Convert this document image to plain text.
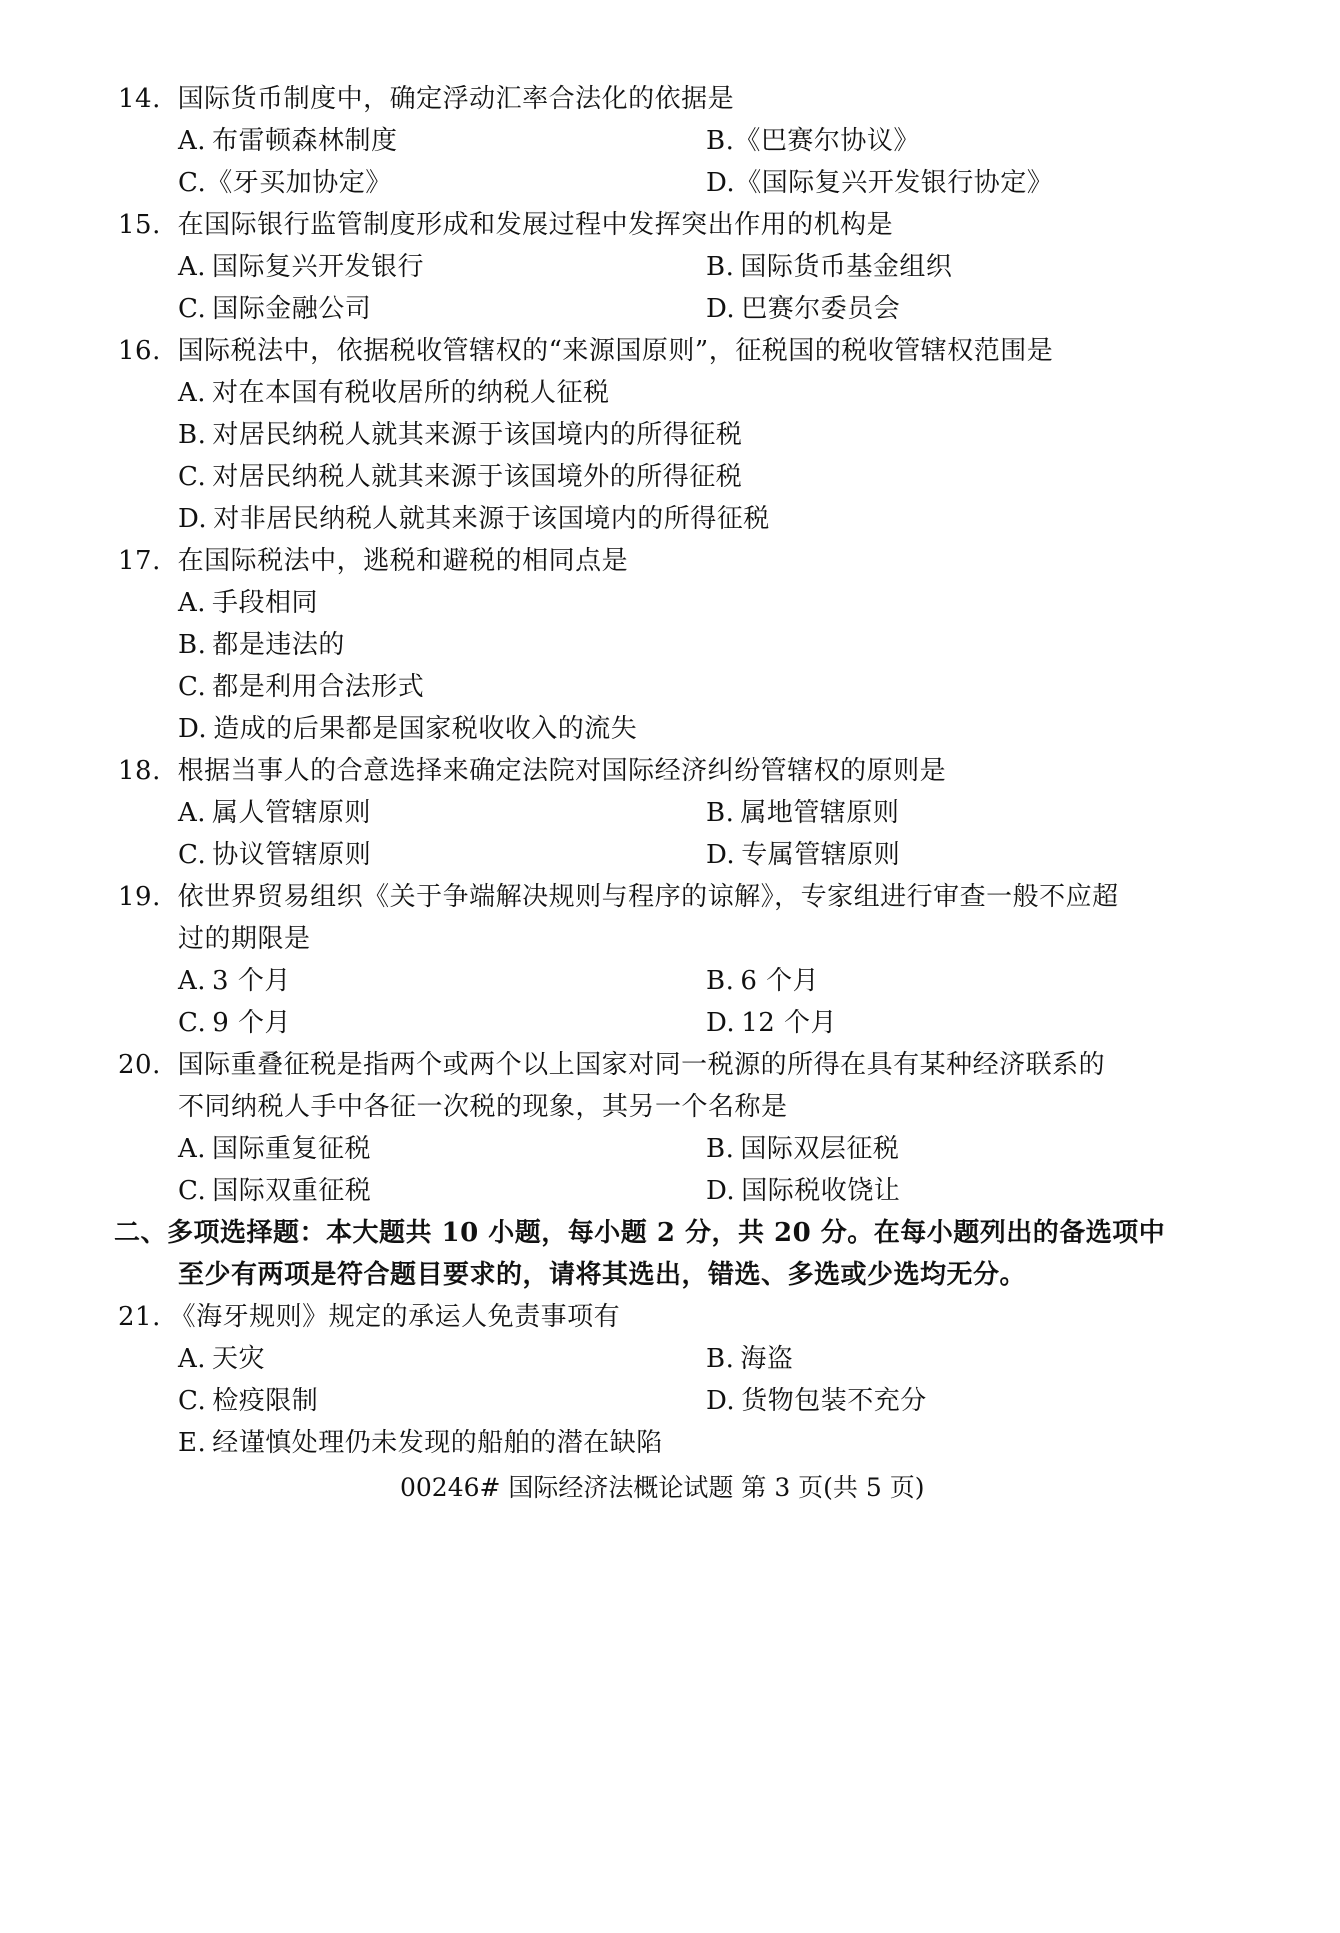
14. 国际货币制度中，确定浮动汇率合法化的依据是
A. 布雷顿森林制度	B.《巴赛尔协议》
C.《牙买加协定》	D.《国际复兴开发银行协定》
15. 在国际银行监管制度形成和发展过程中发挥突出作用的机构是
A. 国际复兴开发银行	B. 国际货币基金组织
C. 国际金融公司	D. 巴赛尔委员会
16. 国际税法中，依据税收管辖权的“来源国原则”，征税国的税收管辖权范围是
A. 对在本国有税收居所的纳税人征税
B. 对居民纳税人就其来源于该国境内的所得征税
C. 对居民纳税人就其来源于该国境外的所得征税
D. 对非居民纳税人就其来源于该国境内的所得征税
17. 在国际税法中，逃税和避税的相同点是
A. 手段相同
B. 都是违法的
C. 都是利用合法形式
D. 造成的后果都是国家税收收入的流失
18. 根据当事人的合意选择来确定法院对国际经济纠纷管辖权的原则是
A. 属人管辖原则	B. 属地管辖原则
C. 协议管辖原则	D. 专属管辖原则
19. 依世界贸易组织《关于争端解决规则与程序的谅解》，专家组进行审查一般不应超
过的期限是
A. 3 个月	B. 6 个月
C. 9 个月	D. 12 个月
20. 国际重叠征税是指两个或两个以上国家对同一税源的所得在具有某种经济联系的
不同纳税人手中各征一次税的现象，其另一个名称是
A. 国际重复征税	B. 国际双层征税
C. 国际双重征税	D. 国际税收饶让
二、多项选择题：本大题共 10 小题，每小题 2 分，共 20 分。在每小题列出的备选项中
至少有两项是符合题目要求的，请将其选出，错选、多选或少选均无分。
21. 《海牙规则》规定的承运人免责事项有
A. 天灾	B. 海盗
C. 检疫限制	D. 货物包装不充分
E. 经谨慎处理仍未发现的船舶的潜在缺陷
00246# 国际经济法概论试题 第 3 页(共 5 页)
